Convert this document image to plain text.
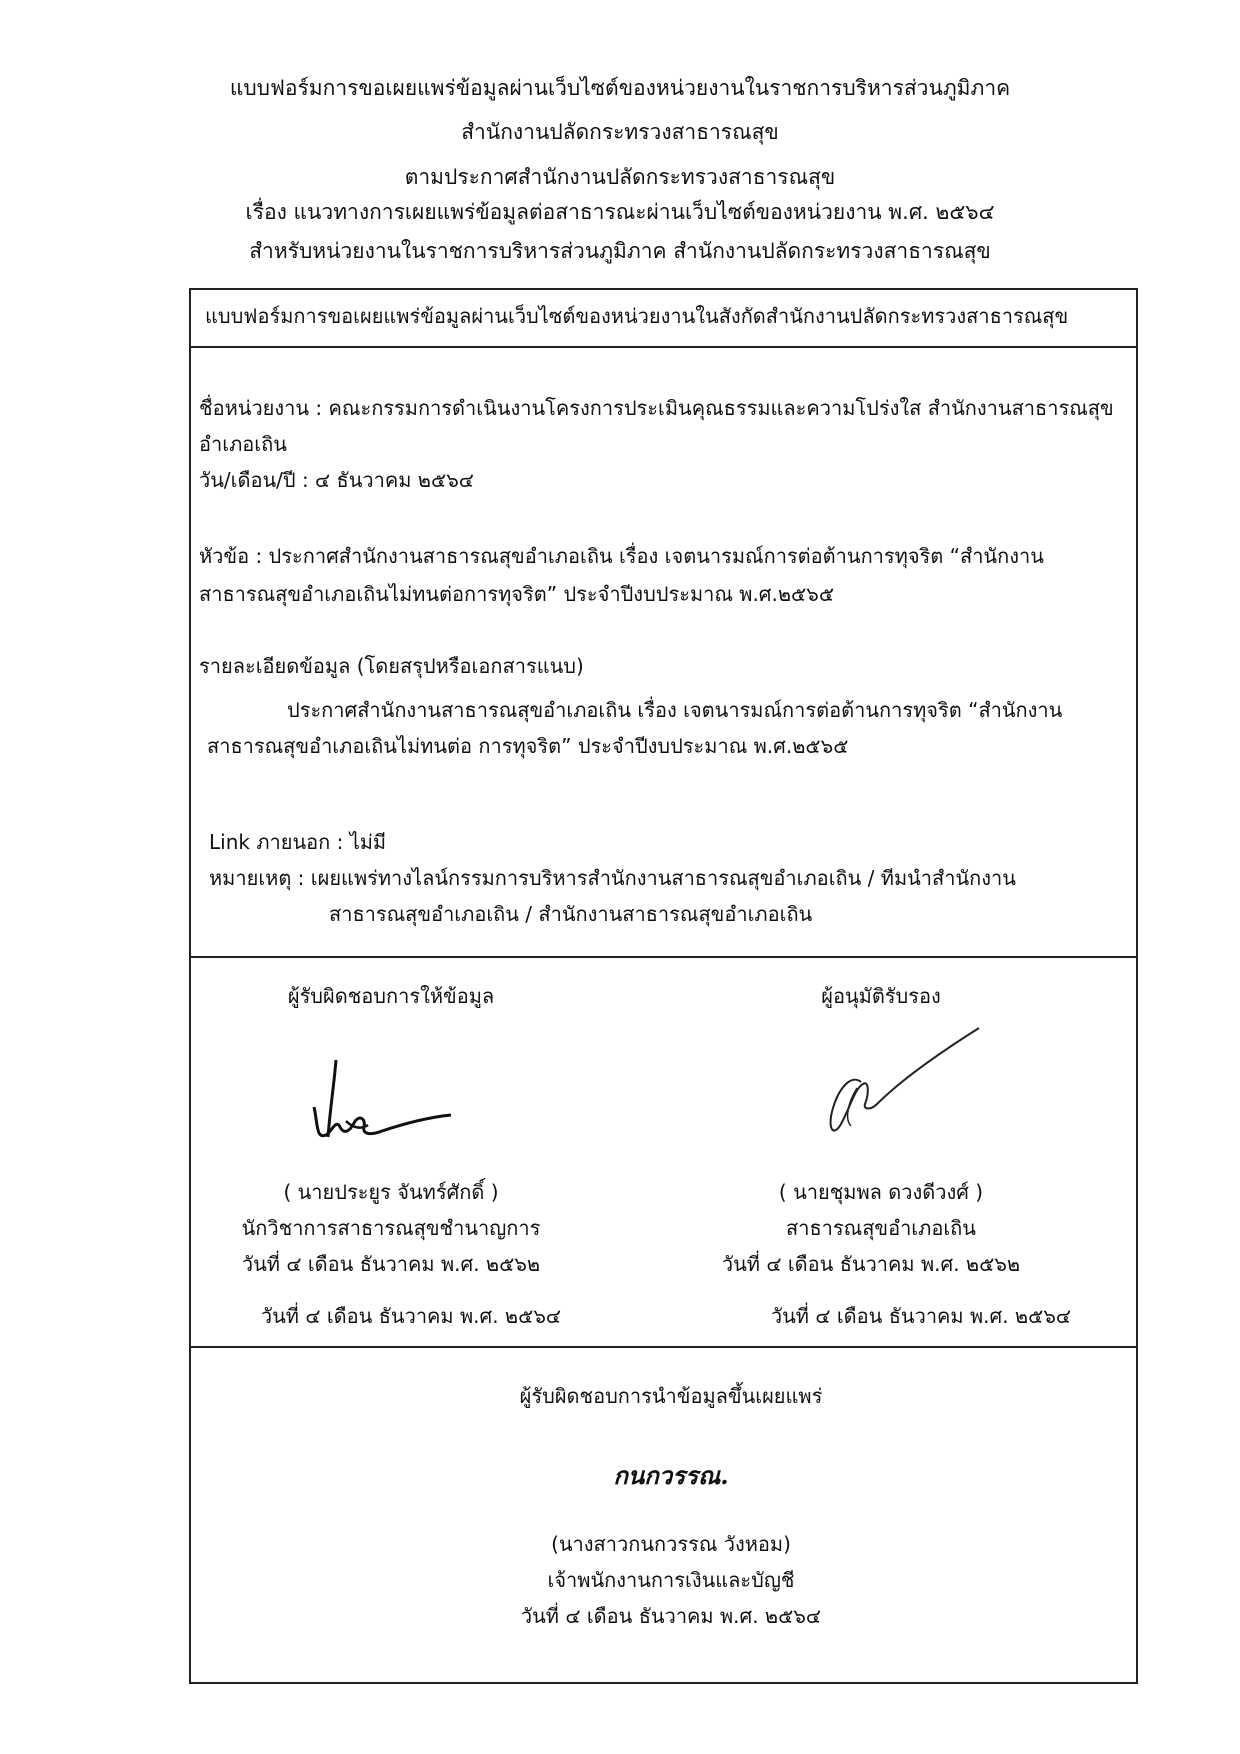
แบบฟอร์มการขอเผยแพร่ข้อมูลผ่านเว็บไซต์ของหน่วยงานในราชการบริหารส่วนภูมิภาค
สำนักงานปลัดกระทรวงสาธารณสุข
ตามประกาศสำนักงานปลัดกระทรวงสาธารณสุข
เรื่อง แนวทางการเผยแพร่ข้อมูลต่อสาธารณะผ่านเว็บไซต์ของหน่วยงาน พ.ศ. ๒๕๖๔
สำหรับหน่วยงานในราชการบริหารส่วนภูมิภาค สำนักงานปลัดกระทรวงสาธารณสุข
แบบฟอร์มการขอเผยแพร่ข้อมูลผ่านเว็บไซต์ของหน่วยงานในสังกัดสำนักงานปลัดกระทรวงสาธารณสุข
ชื่อหน่วยงาน : คณะกรรมการดำเนินงานโครงการประเมินคุณธรรมและความโปร่งใส สำนักงานสาธารณสุข
อำเภอเถิน
วัน/เดือน/ปี : ๔ ธันวาคม ๒๕๖๔
หัวข้อ : ประกาศสำนักงานสาธารณสุขอำเภอเถิน เรื่อง เจตนารมณ์การต่อต้านการทุจริต “สำนักงาน
สาธารณสุขอำเภอเถินไม่ทนต่อการทุจริต” ประจำปีงบประมาณ พ.ศ.๒๕๖๕
รายละเอียดข้อมูล (โดยสรุปหรือเอกสารแนบ)
ประกาศสำนักงานสาธารณสุขอำเภอเถิน เรื่อง เจตนารมณ์การต่อต้านการทุจริต “สำนักงาน
สาธารณสุขอำเภอเถินไม่ทนต่อ การทุจริต” ประจำปีงบประมาณ พ.ศ.๒๕๖๕
Link ภายนอก : ไม่มี
หมายเหตุ : เผยแพร่ทางไลน์กรรมการบริหารสำนักงานสาธารณสุขอำเภอเถิน / ทีมนำสำนักงาน
สาธารณสุขอำเภอเถิน / สำนักงานสาธารณสุขอำเภอเถิน
ผู้รับผิดชอบการให้ข้อมูล
( นายประยูร จันทร์ศักดิ์ )
นักวิชาการสาธารณสุขชำนาญการ
วันที่ ๔ เดือน ธันวาคม พ.ศ. ๒๕๖๒
วันที่ ๔ เดือน ธันวาคม พ.ศ. ๒๕๖๔
ผู้อนุมัติรับรอง
( นายชุมพล ดวงดีวงศ์ )
สาธารณสุขอำเภอเถิน
วันที่ ๔ เดือน ธันวาคม พ.ศ. ๒๕๖๒
วันที่ ๔ เดือน ธันวาคม พ.ศ. ๒๕๖๔
ผู้รับผิดชอบการนำข้อมูลขึ้นเผยแพร่
กนกวรรณ.
(นางสาวกนกวรรณ วังหอม)
เจ้าพนักงานการเงินและบัญชี
วันที่ ๔ เดือน ธันวาคม พ.ศ. ๒๕๖๔
